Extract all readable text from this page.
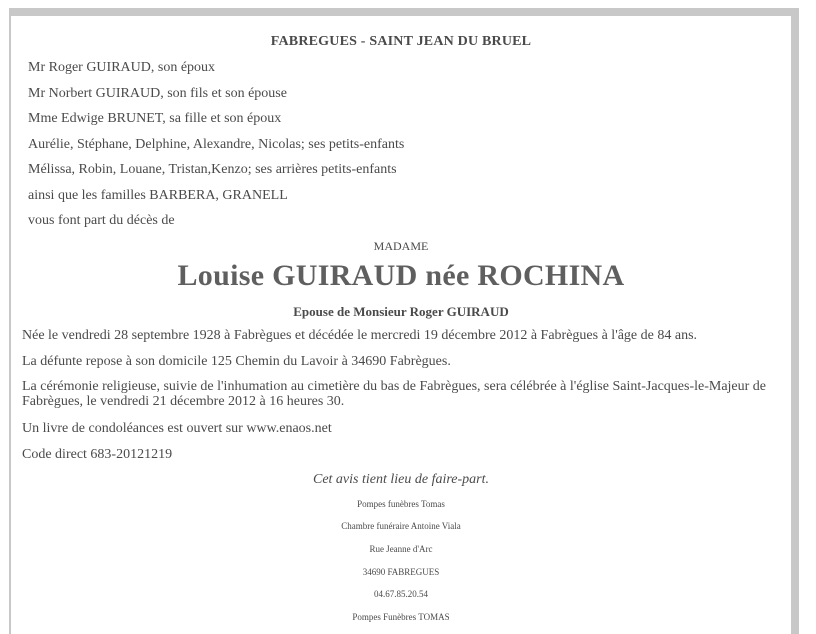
FABREGUES - SAINT JEAN DU BRUEL
Mr Roger GUIRAUD, son époux
Mr Norbert GUIRAUD, son fils et son épouse
Mme Edwige BRUNET, sa fille et son époux
Aurélie, Stéphane, Delphine, Alexandre, Nicolas; ses petits-enfants
Mélissa, Robin, Louane, Tristan,Kenzo; ses arrières petits-enfants
ainsi que les familles BARBERA, GRANELL
vous font part du décès de
MADAME
Louise GUIRAUD née ROCHINA
Epouse de Monsieur Roger GUIRAUD
Née le vendredi 28 septembre 1928 à Fabrègues et décédée le mercredi 19 décembre 2012 à Fabrègues à l'âge de 84 ans.
La défunte repose à son domicile 125 Chemin du Lavoir à 34690 Fabrègues.
La cérémonie religieuse, suivie de l'inhumation au cimetière du bas de Fabrègues, sera célébrée à l'église Saint-Jacques-le-Majeur de Fabrègues, le vendredi 21 décembre 2012 à 16 heures 30.
Un livre de condoléances est ouvert sur www.enaos.net
Code direct 683-20121219
Cet avis tient lieu de faire-part.
Pompes funèbres Tomas
Chambre funéraire Antoine Viala
Rue Jeanne d'Arc
34690 FABREGUES
04.67.85.20.54
Pompes Funèbres TOMAS
